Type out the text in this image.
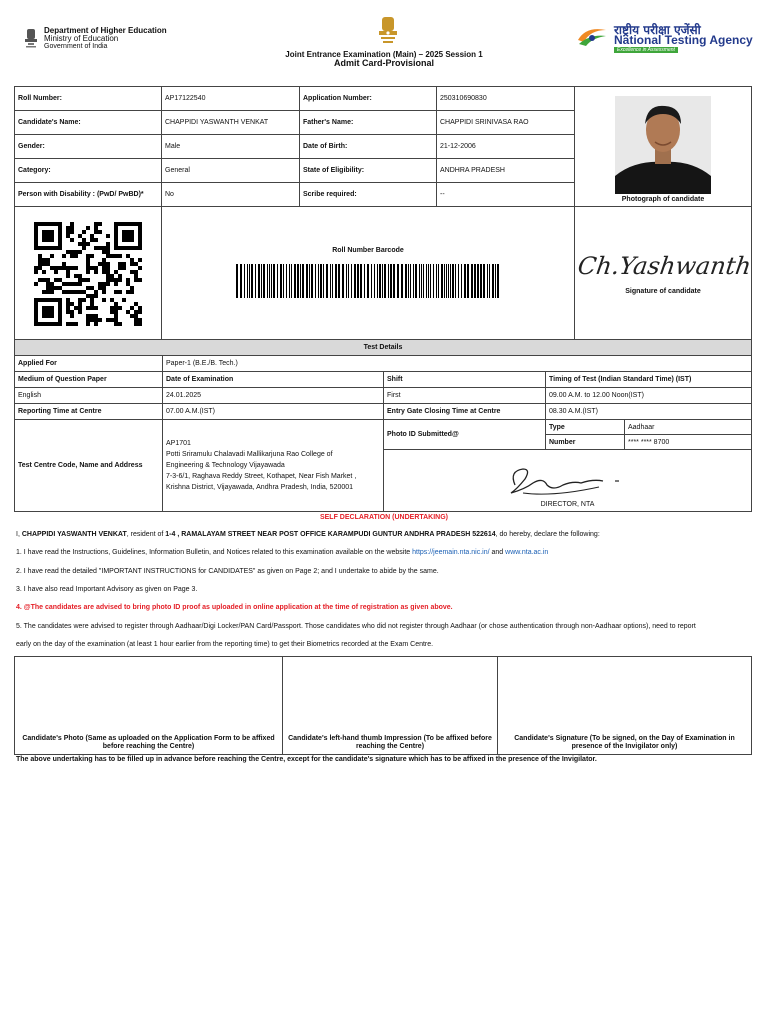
Department of Higher Education
Ministry of Education
Government of India
Joint Entrance Examination (Main) – 2025 Session 1
Admit Card-Provisional
राष्ट्रीय परीक्षा एजेंसी
National Testing Agency
Excellence in Assessment
Roll Number:	AP17122540	Application Number:	250310690830	Photograph of candidate

Candidate's Name:	CHAPPIDI YASWANTH VENKAT	Father's Name:	CHAPPIDI SRINIVASA RAO	
Gender:	Male	Date of Birth:	21-12-2006	
Category:	General	State of Eligibility:	ANDHRA PRADESH	
Person with Disability : (PwD/ PwBD)*	No	Scribe required:	--	

Roll Number Barcode			Ch.Yashwanth
Signature of candidate
Test Details				
Applied For	Paper-1 (B.E./B. Tech.)			
Medium of Question Paper	Date of Examination	Shift	Timing of Test (Indian Standard Time) (IST)	
English	24.01.2025	First	09.00 A.M. to 12.00 Noon(IST)	
Reporting Time at Centre	07.00 A.M.(IST)	Entry Gate Closing Time at Centre	08.30 A.M.(IST)	
Test Centre Code, Name and Address	AP1701
Potti Sriramulu Chalavadi Mallikarjuna Rao College of
Engineering & Technology Vijayawada
7-3-6/1, Raghava Reddy Street, Kothapet, Near Fish Market ,
Krishna District, Vijayawada, Andhra Pradesh, India, 520001	Photo ID Submitted@	Type	Aadhaar
			Number	**** **** 8700

		DIRECTOR, NTA		
SELF DECLARATION (UNDERTAKING)
I, CHAPPIDI YASWANTH VENKAT, resident of 1-4 , RAMALAYAM STREET NEAR POST OFFICE KARAMPUDI GUNTUR ANDHRA PRADESH 522614, do hereby, declare the following:
1. I have read the Instructions, Guidelines, Information Bulletin, and Notices related to this examination available on the website https://jeemain.nta.nic.in/ and www.nta.ac.in
2. I have read the detailed "IMPORTANT INSTRUCTIONS for CANDIDATES" as given on Page 2; and I undertake to abide by the same.
3. I have also read Important Advisory as given on Page 3.
4. @The candidates are advised to bring photo ID proof as uploaded in online application at the time of registration as given above.
5. The candidates were advised to register through Aadhaar/Digi Locker/PAN Card/Passport. Those candidates who did not register through Aadhaar (or chose authentication through non-Aadhaar options), need to report
early on the day of the examination (at least 1 hour earlier from the reporting time) to get their Biometrics recorded at the Exam Centre.
Candidate's Photo (Same as uploaded on the Application Form to be affixed before reaching the Centre)	Candidate's left-hand thumb Impression (To be affixed before reaching the Centre)	Candidate's Signature (To be signed, on the Day of Examination in presence of the Invigilator only)
The above undertaking has to be filled up in advance before reaching the Centre, except for the candidate's signature which has to be affixed in the presence of the Invigilator.
